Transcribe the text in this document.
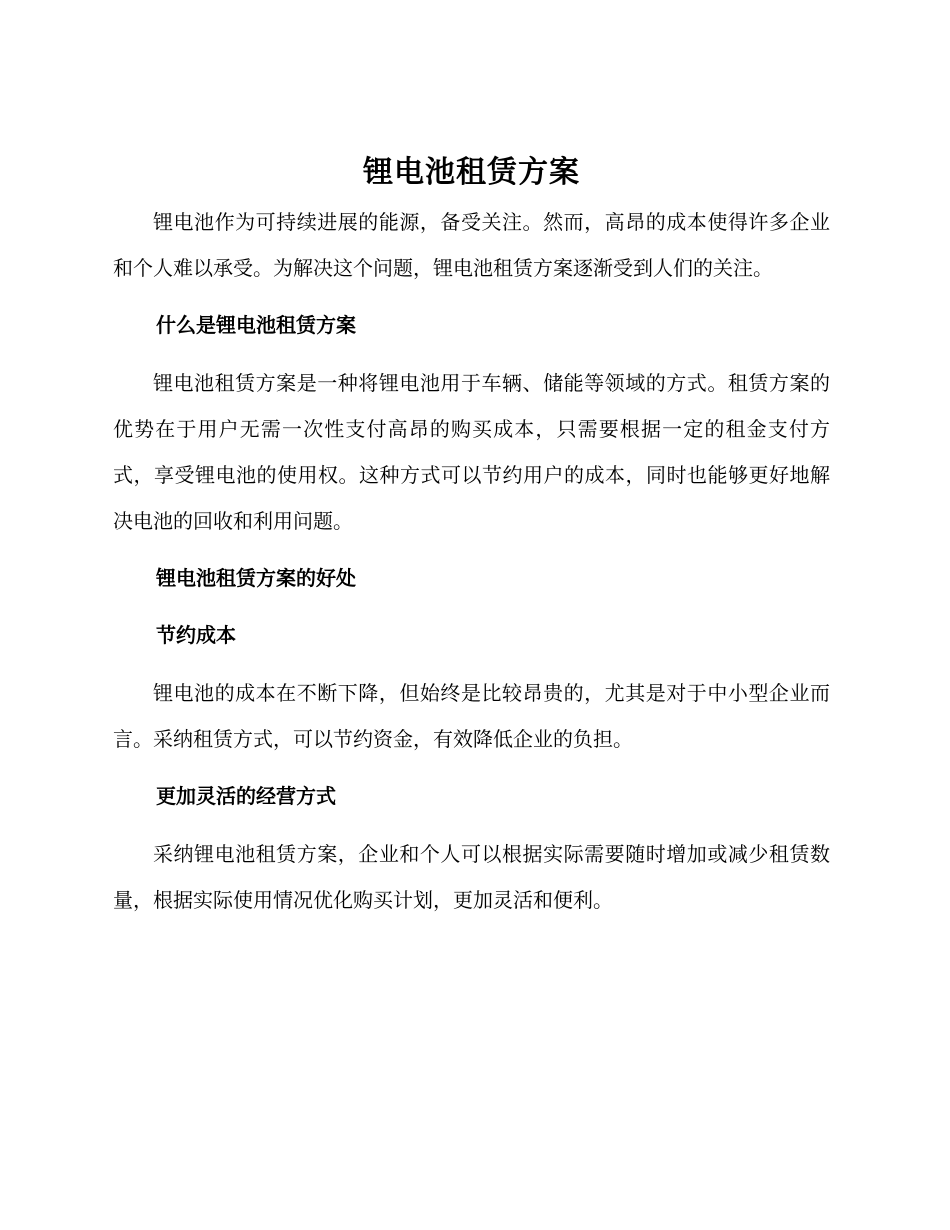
锂电池租赁方案

锂电池作为可持续进展的能源，备受关注。然而，高昂的成本使得许多企业和个人难以承受。为解决这个问题，锂电池租赁方案逐渐受到人们的关注。

什么是锂电池租赁方案

锂电池租赁方案是一种将锂电池用于车辆、储能等领域的方式。租赁方案的优势在于用户无需一次性支付高昂的购买成本，只需要根据一定的租金支付方式，享受锂电池的使用权。这种方式可以节约用户的成本，同时也能够更好地解决电池的回收和利用问题。

锂电池租赁方案的好处
节约成本

锂电池的成本在不断下降，但始终是比较昂贵的，尤其是对于中小型企业而言。采纳租赁方式，可以节约资金，有效降低企业的负担。

更加灵活的经营方式

采纳锂电池租赁方案，企业和个人可以根据实际需要随时增加或减少租赁数量，根据实际使用情况优化购买计划，更加灵活和便利。
